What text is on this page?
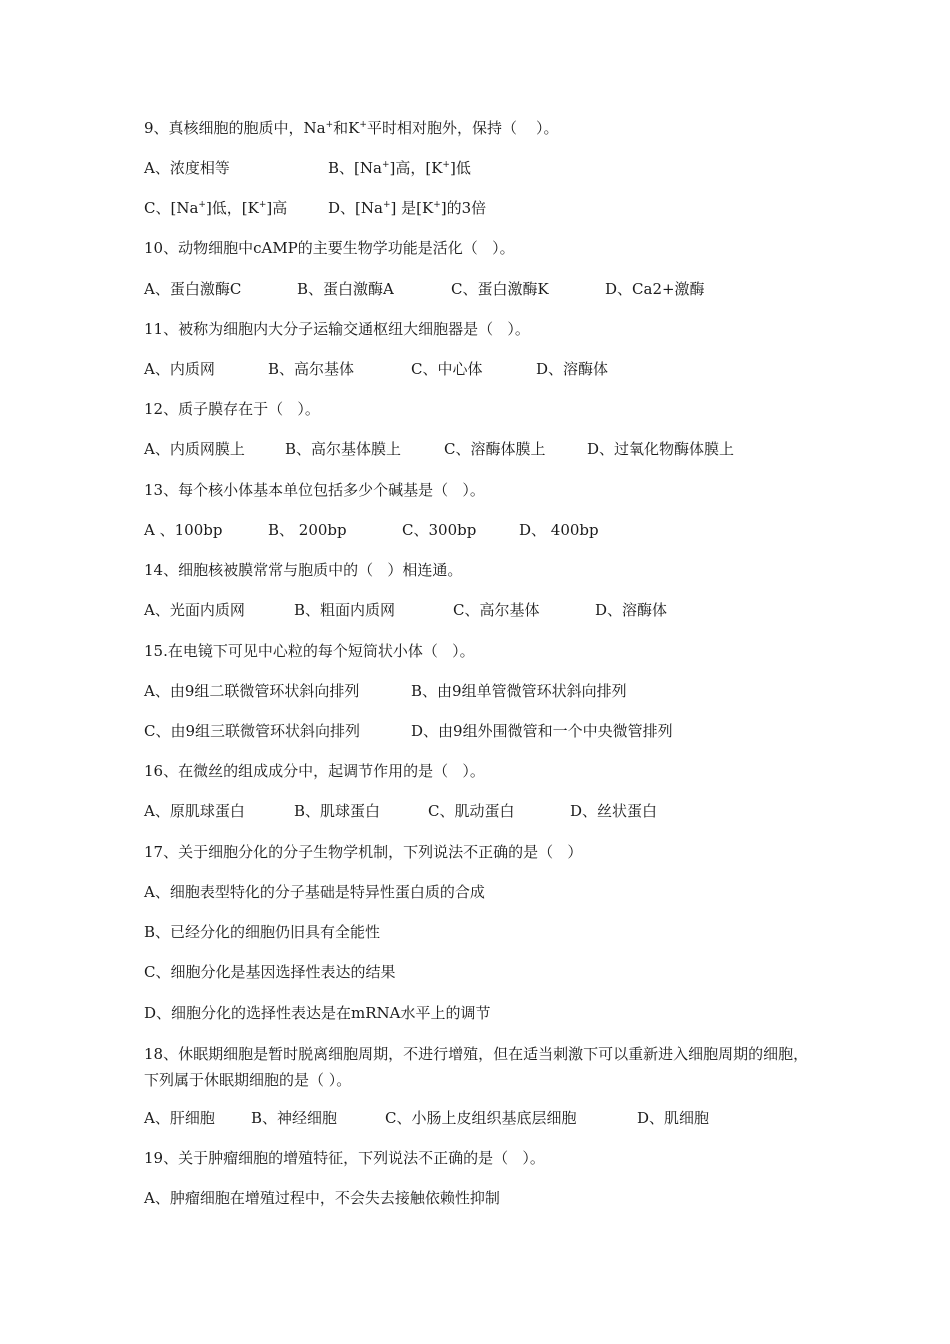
9、真核细胞的胞质中，Na+和K+平时相对胞外，保持（    ）。

A、浓度相等

	B、[Na+]高，[K+]低

C、[Na+]低，[K+]高

	D、[Na+] 是[K+]的3倍

10、动物细胞中cAMP的主要生物学功能是活化（   ）。

A、蛋白激酶C

	B、蛋白激酶A

	C、蛋白激酶K

	D、Ca2+激酶

11、被称为细胞内大分子运输交通枢纽大细胞器是（   ）。

A、内质网

	B、高尔基体

	C、中心体

	D、溶酶体

12、质子膜存在于（   ）。

A、内质网膜上

	B、高尔基体膜上

	C、溶酶体膜上

	D、过氧化物酶体膜上

13、每个核小体基本单位包括多少个碱基是（   ）。

A 、100bp

	B、 200bp

	C、300bp

	D、 400bp

14、细胞核被膜常常与胞质中的（   ）相连通。

A、光面内质网

	B、粗面内质网

	C、高尔基体

	D、溶酶体

15.在电镜下可见中心粒的每个短筒状小体（   ）。

A、由9组二联微管环状斜向排列

	B、由9组单管微管环状斜向排列

C、由9组三联微管环状斜向排列

	D、由9组外围微管和一个中央微管排列

16、在微丝的组成成分中，起调节作用的是（   ）。

A、原肌球蛋白

	B、肌球蛋白

	C、肌动蛋白

	D、丝状蛋白

17、关于细胞分化的分子生物学机制，下列说法不正确的是（   ）
A、细胞表型特化的分子基础是特异性蛋白质的合成
B、已经分化的细胞仍旧具有全能性
C、细胞分化是基因选择性表达的结果
D、细胞分化的选择性表达是在mRNA水平上的调节
18、休眠期细胞是暂时脱离细胞周期，不进行增殖，但在适当刺激下可以重新进入细胞周期的细胞，下列属于休眠期细胞的是（ ）。

A、肝细胞

B、神经细胞

	C、小肠上皮组织基底层细胞

	D、肌细胞

19、关于肿瘤细胞的增殖特征，下列说法不正确的是（   ）。
A、肿瘤细胞在增殖过程中，不会失去接触依赖性抑制
